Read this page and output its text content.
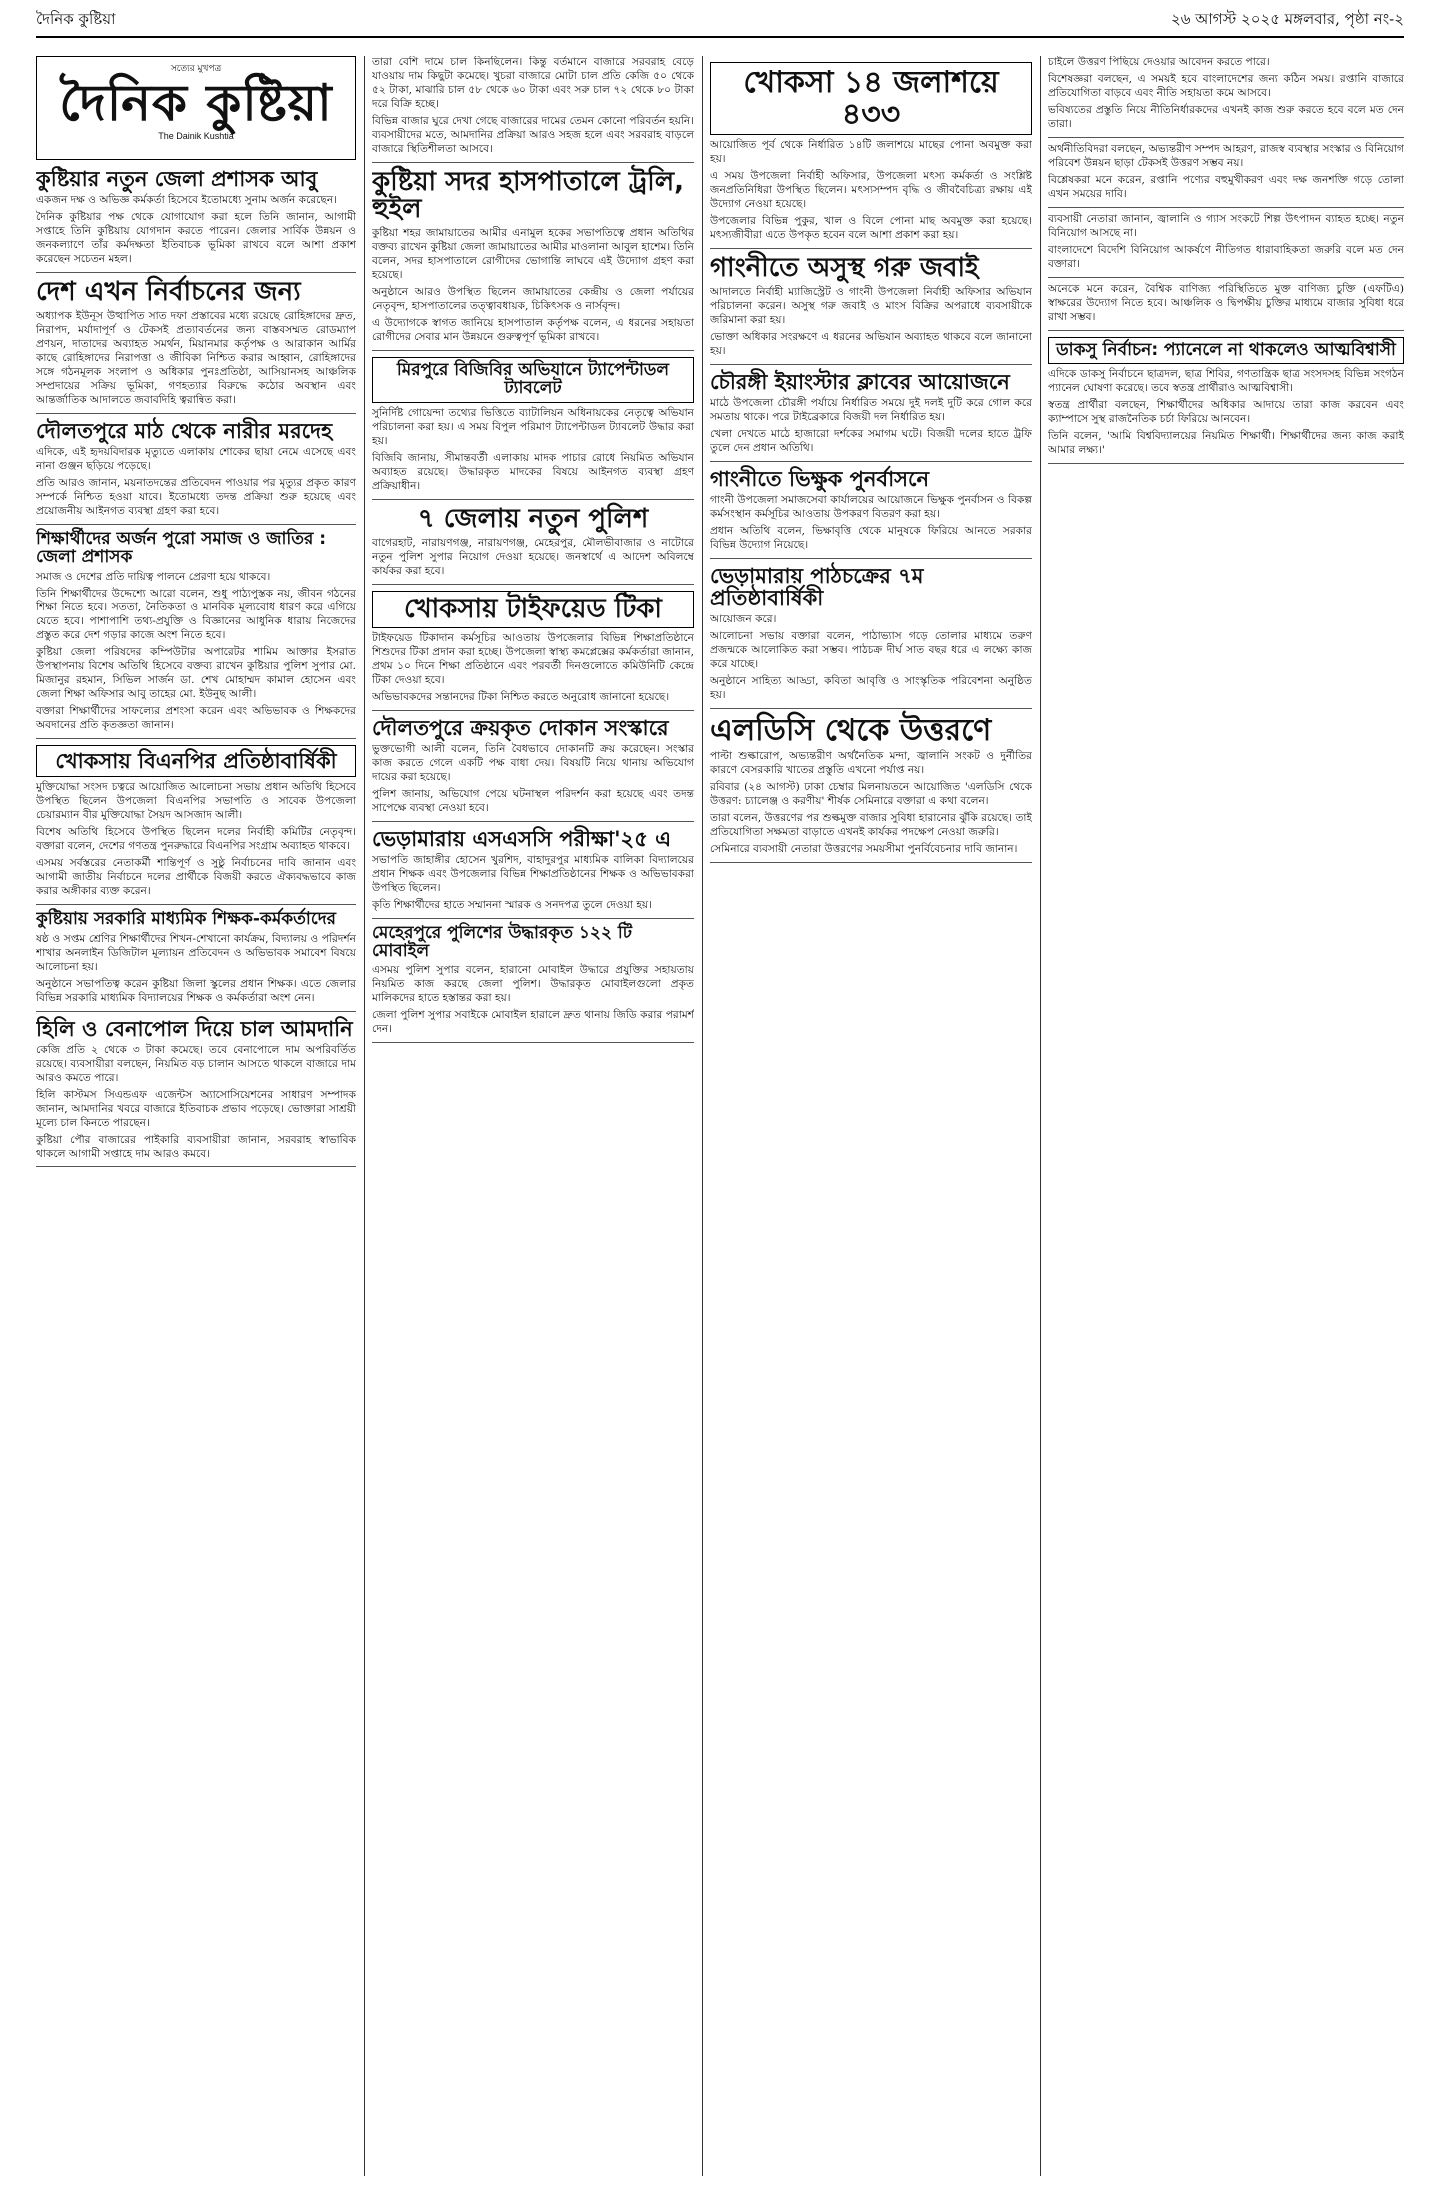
দৈনিক কুষ্টিয়া	২৬ আগস্ট ২০২৫ মঙ্গলবার, পৃষ্ঠা নং-২
সত্যের মুখপত্র
দৈনিক কুষ্টিয়া
The Dainik Kushtia
কুষ্টিয়ার নতুন জেলা প্রশাসক আবু

একজন দক্ষ ও অভিজ্ঞ কর্মকর্তা হিসেবে ইতোমধ্যে সুনাম অর্জন করেছেন।

দৈনিক কুষ্টিয়ার পক্ষ থেকে যোগাযোগ করা হলে তিনি জানান, আগামী সপ্তাহে তিনি কুষ্টিয়ায় যোগদান করতে পারেন। জেলার সার্বিক উন্নয়ন ও জনকল্যাণে তাঁর কর্মদক্ষতা ইতিবাচক ভূমিকা রাখবে বলে আশা প্রকাশ করেছেন সচেতন মহল।

দেশ এখন নির্বাচনের জন্য

অধ্যাপক ইউনূস উত্থাপিত সাত দফা প্রস্তাবের মধ্যে রয়েছে রোহিঙ্গাদের দ্রুত, নিরাপদ, মর্যাদাপূর্ণ ও টেকসই প্রত্যাবর্তনের জন্য বাস্তবসম্মত রোডম্যাপ প্রণয়ন, দাতাদের অব্যাহত সমর্থন, মিয়ানমার কর্তৃপক্ষ ও আরাকান আর্মির কাছে রোহিঙ্গাদের নিরাপত্তা ও জীবিকা নিশ্চিত করার আহ্বান, রোহিঙ্গাদের সঙ্গে গঠনমূলক সংলাপ ও অধিকার পুনঃপ্রতিষ্ঠা, আসিয়ানসহ আঞ্চলিক সম্প্রদায়ের সক্রিয় ভূমিকা, গণহত্যার বিরুদ্ধে কঠোর অবস্থান এবং আন্তর্জাতিক আদালতে জবাবদিহি ত্বরান্বিত করা।

দৌলতপুরে মাঠ থেকে নারীর মরদেহ

এদিকে, এই হৃদয়বিদারক মৃত্যুতে এলাকায় শোকের ছায়া নেমে এসেছে এবং নানা গুঞ্জন ছড়িয়ে পড়েছে।

প্রতি আরও জানান, ময়নাতদন্তের প্রতিবেদন পাওয়ার পর মৃত্যুর প্রকৃত কারণ সম্পর্কে নিশ্চিত হওয়া যাবে। ইতোমধ্যে তদন্ত প্রক্রিয়া শুরু হয়েছে এবং প্রয়োজনীয় আইনগত ব্যবস্থা গ্রহণ করা হবে।

শিক্ষার্থীদের অর্জন পুরো সমাজ ও জাতির : জেলা প্রশাসক

সমাজ ও দেশের প্রতি দায়িত্ব পালনে প্রেরণা হয়ে থাকবে।

তিনি শিক্ষার্থীদের উদ্দেশ্যে আরো বলেন, শুধু পাঠ্যপুস্তক নয়, জীবন গঠনের শিক্ষা নিতে হবে। সততা, নৈতিকতা ও মানবিক মূল্যবোধ ধারণ করে এগিয়ে যেতে হবে। পাশাপাশি তথ্য-প্রযুক্তি ও বিজ্ঞানের আধুনিক ধারায় নিজেদের প্রস্তুত করে দেশ গড়ার কাজে অংশ নিতে হবে।

কুষ্টিয়া জেলা পরিষদের কম্পিউটার অপারেটর শামিম আক্তার ইসরাত উপস্থাপনায় বিশেষ অতিথি হিসেবে বক্তব্য রাখেন কুষ্টিয়ার পুলিশ সুপার মো. মিজানুর রহমান, সিভিল সার্জন ডা. শেখ মোহাম্মদ কামাল হোসেন এবং জেলা শিক্ষা অফিসার আবু তাহের মো. ইউনুছ আলী।

বক্তারা শিক্ষার্থীদের সাফল্যের প্রশংসা করেন এবং অভিভাবক ও শিক্ষকদের অবদানের প্রতি কৃতজ্ঞতা জানান।

খোকসায় বিএনপির প্রতিষ্ঠাবার্ষিকী

মুক্তিযোদ্ধা সংসদ চত্বরে আয়োজিত আলোচনা সভায় প্রধান অতিথি হিসেবে উপস্থিত ছিলেন উপজেলা বিএনপির সভাপতি ও সাবেক উপজেলা চেয়ারম্যান বীর মুক্তিযোদ্ধা সৈয়দ আসজাদ আলী।

বিশেষ অতিথি হিসেবে উপস্থিত ছিলেন দলের নির্বাহী কমিটির নেতৃবৃন্দ। বক্তারা বলেন, দেশের গণতন্ত্র পুনরুদ্ধারে বিএনপির সংগ্রাম অব্যাহত থাকবে।

এসময় সর্বস্তরের নেতাকর্মী শান্তিপূর্ণ ও সুষ্ঠু নির্বাচনের দাবি জানান এবং আগামী জাতীয় নির্বাচনে দলের প্রার্থীকে বিজয়ী করতে ঐক্যবদ্ধভাবে কাজ করার অঙ্গীকার ব্যক্ত করেন।

কুষ্টিয়ায় সরকারি মাধ্যমিক শিক্ষক-কর্মকর্তাদের

ষষ্ঠ ও সপ্তম শ্রেণির শিক্ষার্থীদের শিখন-শেখানো কার্যক্রম, বিদ্যালয় ও পরিদর্শন শাখার অনলাইন ডিজিটাল মূল্যায়ন প্রতিবেদন ও অভিভাবক সমাবেশ বিষয়ে আলোচনা হয়।

অনুষ্ঠানে সভাপতিত্ব করেন কুষ্টিয়া জিলা স্কুলের প্রধান শিক্ষক। এতে জেলার বিভিন্ন সরকারি মাধ্যমিক বিদ্যালয়ের শিক্ষক ও কর্মকর্তারা অংশ নেন।

হিলি ও বেনাপোল দিয়ে চাল আমদানি

কেজি প্রতি ২ থেকে ৩ টাকা কমেছে। তবে বেনাপোলে দাম অপরিবর্তিত রয়েছে। ব্যবসায়ীরা বলছেন, নিয়মিত বড় চালান আসতে থাকলে বাজারে দাম আরও কমতে পারে।

হিলি কাস্টমস সিএন্ডএফ এজেন্টস অ্যাসোসিয়েশনের সাধারণ সম্পাদক জানান, আমদানির খবরে বাজারে ইতিবাচক প্রভাব পড়েছে। ভোক্তারা সাশ্রয়ী মূল্যে চাল কিনতে পারছেন।

কুষ্টিয়া পৌর বাজারের পাইকারি ব্যবসায়ীরা জানান, সরবরাহ স্বাভাবিক থাকলে আগামী সপ্তাহে দাম আরও কমবে।

তারা বেশি দামে চাল কিনছিলেন। কিন্তু বর্তমানে বাজারে সরবরাহ বেড়ে যাওয়ায় দাম কিছুটা কমেছে। খুচরা বাজারে মোটা চাল প্রতি কেজি ৫০ থেকে ৫২ টাকা, মাঝারি চাল ৫৮ থেকে ৬০ টাকা এবং সরু চাল ৭২ থেকে ৮০ টাকা দরে বিক্রি হচ্ছে।

বিভিন্ন বাজার ঘুরে দেখা গেছে বাজারের দামের তেমন কোনো পরিবর্তন হয়নি। ব্যবসায়ীদের মতে, আমদানির প্রক্রিয়া আরও সহজ হলে এবং সরবরাহ বাড়লে বাজারে স্থিতিশীলতা আসবে।

কুষ্টিয়া সদর হাসপাতালে ট্রলি, হুইল

কুষ্টিয়া শহর জামায়াতের আমীর এনামুল হকের সভাপতিত্বে প্রধান অতিথির বক্তব্য রাখেন কুষ্টিয়া জেলা জামায়াতের আমীর মাওলানা আবুল হাশেম। তিনি বলেন, সদর হাসপাতালে রোগীদের ভোগান্তি লাঘবে এই উদ্যোগ গ্রহণ করা হয়েছে।

অনুষ্ঠানে আরও উপস্থিত ছিলেন জামায়াতের কেন্দ্রীয় ও জেলা পর্যায়ের নেতৃবৃন্দ, হাসপাতালের তত্ত্বাবধায়ক, চিকিৎসক ও নার্সবৃন্দ।

এ উদ্যোগকে স্বাগত জানিয়ে হাসপাতাল কর্তৃপক্ষ বলেন, এ ধরনের সহায়তা রোগীদের সেবার মান উন্নয়নে গুরুত্বপূর্ণ ভূমিকা রাখবে।

মিরপুরে বিজিবির অভিযানে ট্যাপেন্টাডল ট্যাবলেট

সুনির্দিষ্ট গোয়েন্দা তথ্যের ভিত্তিতে ব্যাটালিয়ন অধিনায়কের নেতৃত্বে অভিযান পরিচালনা করা হয়। এ সময় বিপুল পরিমাণ ট্যাপেন্টাডল ট্যাবলেট উদ্ধার করা হয়।

বিজিবি জানায়, সীমান্তবর্তী এলাকায় মাদক পাচার রোধে নিয়মিত অভিযান অব্যাহত রয়েছে। উদ্ধারকৃত মাদকের বিষয়ে আইনগত ব্যবস্থা গ্রহণ প্রক্রিয়াধীন।

৭ জেলায় নতুন পুলিশ

বাগেরহাট, নারায়ণগঞ্জ, নারায়ণগঞ্জ, মেহেরপুর, মৌলভীবাজার ও নাটোরে নতুন পুলিশ সুপার নিয়োগ দেওয়া হয়েছে। জনস্বার্থে এ আদেশ অবিলম্বে কার্যকর করা হবে।

খোকসায় টাইফয়েড টিকা

টাইফয়েড টিকাদান কর্মসূচির আওতায় উপজেলার বিভিন্ন শিক্ষাপ্রতিষ্ঠানে শিশুদের টিকা প্রদান করা হচ্ছে। উপজেলা স্বাস্থ্য কমপ্লেক্সের কর্মকর্তারা জানান, প্রথম ১০ দিনে শিক্ষা প্রতিষ্ঠানে এবং পরবর্তী দিনগুলোতে কমিউনিটি কেন্দ্রে টিকা দেওয়া হবে।

অভিভাবকদের সন্তানদের টিকা নিশ্চিত করতে অনুরোধ জানানো হয়েছে।

দৌলতপুরে ক্রয়কৃত দোকান সংস্কারে

ভুক্তভোগী আলী বলেন, তিনি বৈধভাবে দোকানটি ক্রয় করেছেন। সংস্কার কাজ করতে গেলে একটি পক্ষ বাধা দেয়। বিষয়টি নিয়ে থানায় অভিযোগ দায়ের করা হয়েছে।

পুলিশ জানায়, অভিযোগ পেয়ে ঘটনাস্থল পরিদর্শন করা হয়েছে এবং তদন্ত সাপেক্ষে ব্যবস্থা নেওয়া হবে।

ভেড়ামারায় এসএসসি পরীক্ষা'২৫ এ

সভাপতি জাহাঙ্গীর হোসেন খুরশিদ, বাহাদুরপুর মাধ্যমিক বালিকা বিদ্যালয়ের প্রধান শিক্ষক এবং উপজেলার বিভিন্ন শিক্ষাপ্রতিষ্ঠানের শিক্ষক ও অভিভাবকরা উপস্থিত ছিলেন।

কৃতি শিক্ষার্থীদের হাতে সম্মাননা স্মারক ও সনদপত্র তুলে দেওয়া হয়।

মেহেরপুরে পুলিশের উদ্ধারকৃত ১২২ টি মোবাইল

এসময় পুলিশ সুপার বলেন, হারানো মোবাইল উদ্ধারে প্রযুক্তির সহায়তায় নিয়মিত কাজ করছে জেলা পুলিশ। উদ্ধারকৃত মোবাইলগুলো প্রকৃত মালিকদের হাতে হস্তান্তর করা হয়।

জেলা পুলিশ সুপার সবাইকে মোবাইল হারালে দ্রুত থানায় জিডি করার পরামর্শ দেন।

খোকসা ১৪ জলাশয়ে ৪৩৩

আয়োজিত পূর্ব থেকে নির্ধারিত ১৪টি জলাশয়ে মাছের পোনা অবমুক্ত করা হয়।

এ সময় উপজেলা নির্বাহী অফিসার, উপজেলা মৎস্য কর্মকর্তা ও সংশ্লিষ্ট জনপ্রতিনিধিরা উপস্থিত ছিলেন। মৎস্যসম্পদ বৃদ্ধি ও জীববৈচিত্র্য রক্ষায় এই উদ্যোগ নেওয়া হয়েছে।

উপজেলার বিভিন্ন পুকুর, খাল ও বিলে পোনা মাছ অবমুক্ত করা হয়েছে। মৎস্যজীবীরা এতে উপকৃত হবেন বলে আশা প্রকাশ করা হয়।

গাংনীতে অসুস্থ গরু জবাই

আদালতে নির্বাহী ম্যাজিস্ট্রেট ও গাংনী উপজেলা নির্বাহী অফিসার অভিযান পরিচালনা করেন। অসুস্থ গরু জবাই ও মাংস বিক্রির অপরাধে ব্যবসায়ীকে জরিমানা করা হয়।

ভোক্তা অধিকার সংরক্ষণে এ ধরনের অভিযান অব্যাহত থাকবে বলে জানানো হয়।

চৌরঙ্গী ইয়াংস্টার ক্লাবের আয়োজনে

মাঠে উপজেলা চৌরঙ্গী পর্যায়ে নির্ধারিত সময়ে দুই দলই দুটি করে গোল করে সমতায় থাকে। পরে টাইব্রেকারে বিজয়ী দল নির্ধারিত হয়।

খেলা দেখতে মাঠে হাজারো দর্শকের সমাগম ঘটে। বিজয়ী দলের হাতে ট্রফি তুলে দেন প্রধান অতিথি।

গাংনীতে ভিক্ষুক পুনর্বাসনে

গাংনী উপজেলা সমাজসেবা কার্যালয়ের আয়োজনে ভিক্ষুক পুনর্বাসন ও বিকল্প কর্মসংস্থান কর্মসূচির আওতায় উপকরণ বিতরণ করা হয়।

প্রধান অতিথি বলেন, ভিক্ষাবৃত্তি থেকে মানুষকে ফিরিয়ে আনতে সরকার বিভিন্ন উদ্যোগ নিয়েছে।

ভেড়ামারায় পাঠচক্রের ৭ম প্রতিষ্ঠাবার্ষিকী

আয়োজন করে।

আলোচনা সভায় বক্তারা বলেন, পাঠাভ্যাস গড়ে তোলার মাধ্যমে তরুণ প্রজন্মকে আলোকিত করা সম্ভব। পাঠচক্র দীর্ঘ সাত বছর ধরে এ লক্ষ্যে কাজ করে যাচ্ছে।

অনুষ্ঠানে সাহিত্য আড্ডা, কবিতা আবৃত্তি ও সাংস্কৃতিক পরিবেশনা অনুষ্ঠিত হয়।

এলডিসি থেকে উত্তরণে

পাল্টা শুল্কারোপ, অভ্যন্তরীণ অর্থনৈতিক মন্দা, জ্বালানি সংকট ও দুর্নীতির কারণে বেসরকারি খাতের প্রস্তুতি এখনো পর্যাপ্ত নয়।

রবিবার (২৪ আগস্ট) ঢাকা চেম্বার মিলনায়তনে আয়োজিত 'এলডিসি থেকে উত্তরণ: চ্যালেঞ্জ ও করণীয়' শীর্ষক সেমিনারে বক্তারা এ কথা বলেন।

তারা বলেন, উত্তরণের পর শুল্কমুক্ত বাজার সুবিধা হারানোর ঝুঁকি রয়েছে। তাই প্রতিযোগিতা সক্ষমতা বাড়াতে এখনই কার্যকর পদক্ষেপ নেওয়া জরুরি।

সেমিনারে ব্যবসায়ী নেতারা উত্তরণের সময়সীমা পুনর্বিবেচনার দাবি জানান।

চাইলে উত্তরণ পিছিয়ে দেওয়ার আবেদন করতে পারে।

বিশেষজ্ঞরা বলছেন, এ সময়ই হবে বাংলাদেশের জন্য কঠিন সময়। রপ্তানি বাজারে প্রতিযোগিতা বাড়বে এবং নীতি সহায়তা কমে আসবে।

ভবিষ্যতের প্রস্তুতি নিয়ে নীতিনির্ধারকদের এখনই কাজ শুরু করতে হবে বলে মত দেন তারা।

অর্থনীতিবিদরা বলছেন, অভ্যন্তরীণ সম্পদ আহরণ, রাজস্ব ব্যবস্থার সংস্কার ও বিনিয়োগ পরিবেশ উন্নয়ন ছাড়া টেকসই উত্তরণ সম্ভব নয়।

বিশ্লেষকরা মনে করেন, রপ্তানি পণ্যের বহুমুখীকরণ এবং দক্ষ জনশক্তি গড়ে তোলা এখন সময়ের দাবি।

ব্যবসায়ী নেতারা জানান, জ্বালানি ও গ্যাস সংকটে শিল্প উৎপাদন ব্যাহত হচ্ছে। নতুন বিনিয়োগ আসছে না।

বাংলাদেশে বিদেশি বিনিয়োগ আকর্ষণে নীতিগত ধারাবাহিকতা জরুরি বলে মত দেন বক্তারা।

অনেকে মনে করেন, বৈশ্বিক বাণিজ্য পরিস্থিতিতে মুক্ত বাণিজ্য চুক্তি (এফটিএ) স্বাক্ষরের উদ্যোগ নিতে হবে। আঞ্চলিক ও দ্বিপক্ষীয় চুক্তির মাধ্যমে বাজার সুবিধা ধরে রাখা সম্ভব।

ডাকসু নির্বাচন: প্যানেলে না থাকলেও আত্মবিশ্বাসী

এদিকে ডাকসু নির্বাচনে ছাত্রদল, ছাত্র শিবির, গণতান্ত্রিক ছাত্র সংসদসহ বিভিন্ন সংগঠন প্যানেল ঘোষণা করেছে। তবে স্বতন্ত্র প্রার্থীরাও আত্মবিশ্বাসী।

স্বতন্ত্র প্রার্থীরা বলছেন, শিক্ষার্থীদের অধিকার আদায়ে তারা কাজ করবেন এবং ক্যাম্পাসে সুস্থ রাজনৈতিক চর্চা ফিরিয়ে আনবেন।

তিনি বলেন, 'আমি বিশ্ববিদ্যালয়ের নিয়মিত শিক্ষার্থী। শিক্ষার্থীদের জন্য কাজ করাই আমার লক্ষ্য।'
